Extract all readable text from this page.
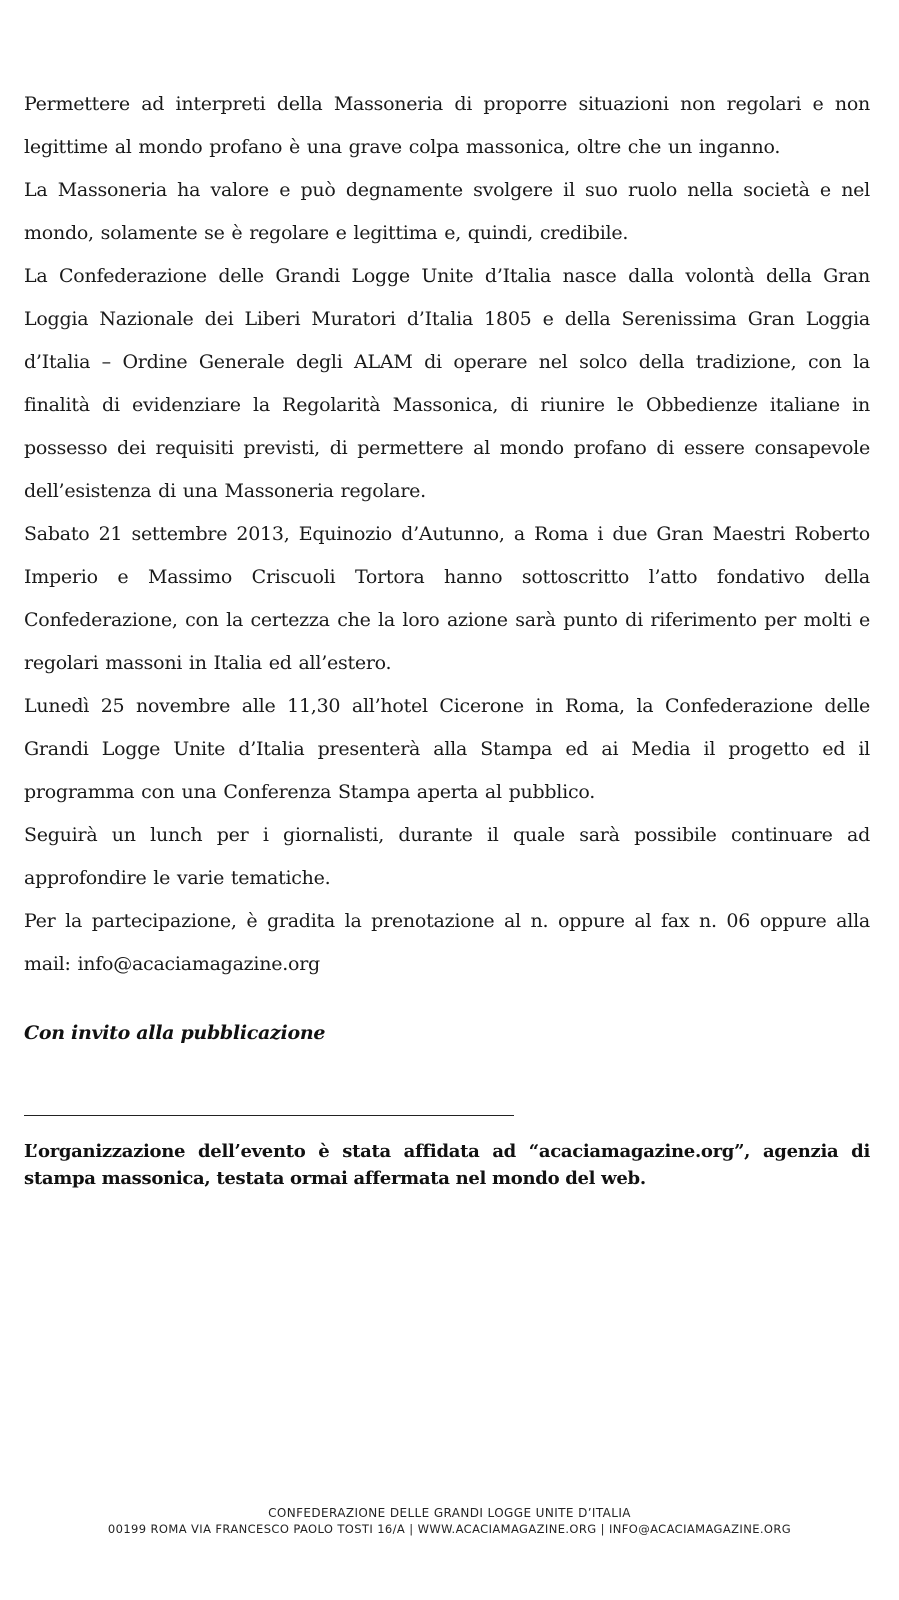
Permettere ad interpreti della Massoneria di proporre situazioni non regolari e non legittime al mondo profano è una grave colpa massonica, oltre che un inganno.

La Massoneria ha valore e può degnamente svolgere il suo ruolo nella società e nel mondo, solamente se è regolare e legittima e, quindi, credibile.

La Confederazione delle Grandi Logge Unite d’Italia nasce dalla volontà della Gran Loggia Nazionale dei Liberi Muratori d’Italia 1805 e della Serenissima Gran Loggia d’Italia – Ordine Generale degli ALAM di operare nel solco della tradizione, con la finalità di evidenziare la Regolarità Massonica, di riunire le Obbedienze italiane in possesso dei requisiti previsti, di permettere al mondo profano di essere consapevole dell’esistenza di una Massoneria regolare.

Sabato 21 settembre 2013, Equinozio d’Autunno, a Roma i due Gran Maestri Roberto Imperio e Massimo Criscuoli Tortora hanno sottoscritto l’atto fondativo della Confederazione, con la certezza che la loro azione sarà punto di riferimento per molti e regolari massoni in Italia ed all’estero.

Lunedì 25 novembre alle 11,30 all’hotel Cicerone in Roma, la Confederazione delle Grandi Logge Unite d’Italia presenterà alla Stampa ed ai Media il progetto ed il programma con una Conferenza Stampa aperta al pubblico.

Seguirà un lunch per i giornalisti, durante il quale sarà possibile continuare ad approfondire le varie tematiche.

Per la partecipazione, è gradita la prenotazione al n. oppure al fax n. 06 oppure alla mail: info@acaciamagazine.org

Con invito alla pubblicazione
L’organizzazione dell’evento è stata affidata ad “acaciamagazine.org”, agenzia di stampa massonica, testata ormai affermata nel mondo del web.
CONFEDERAZIONE DELLE GRANDI LOGGE UNITE D’ITALIA
00199 ROMA VIA FRANCESCO PAOLO TOSTI 16/A | WWW.ACACIAMAGAZINE.ORG | INFO@ACACIAMAGAZINE.ORG
